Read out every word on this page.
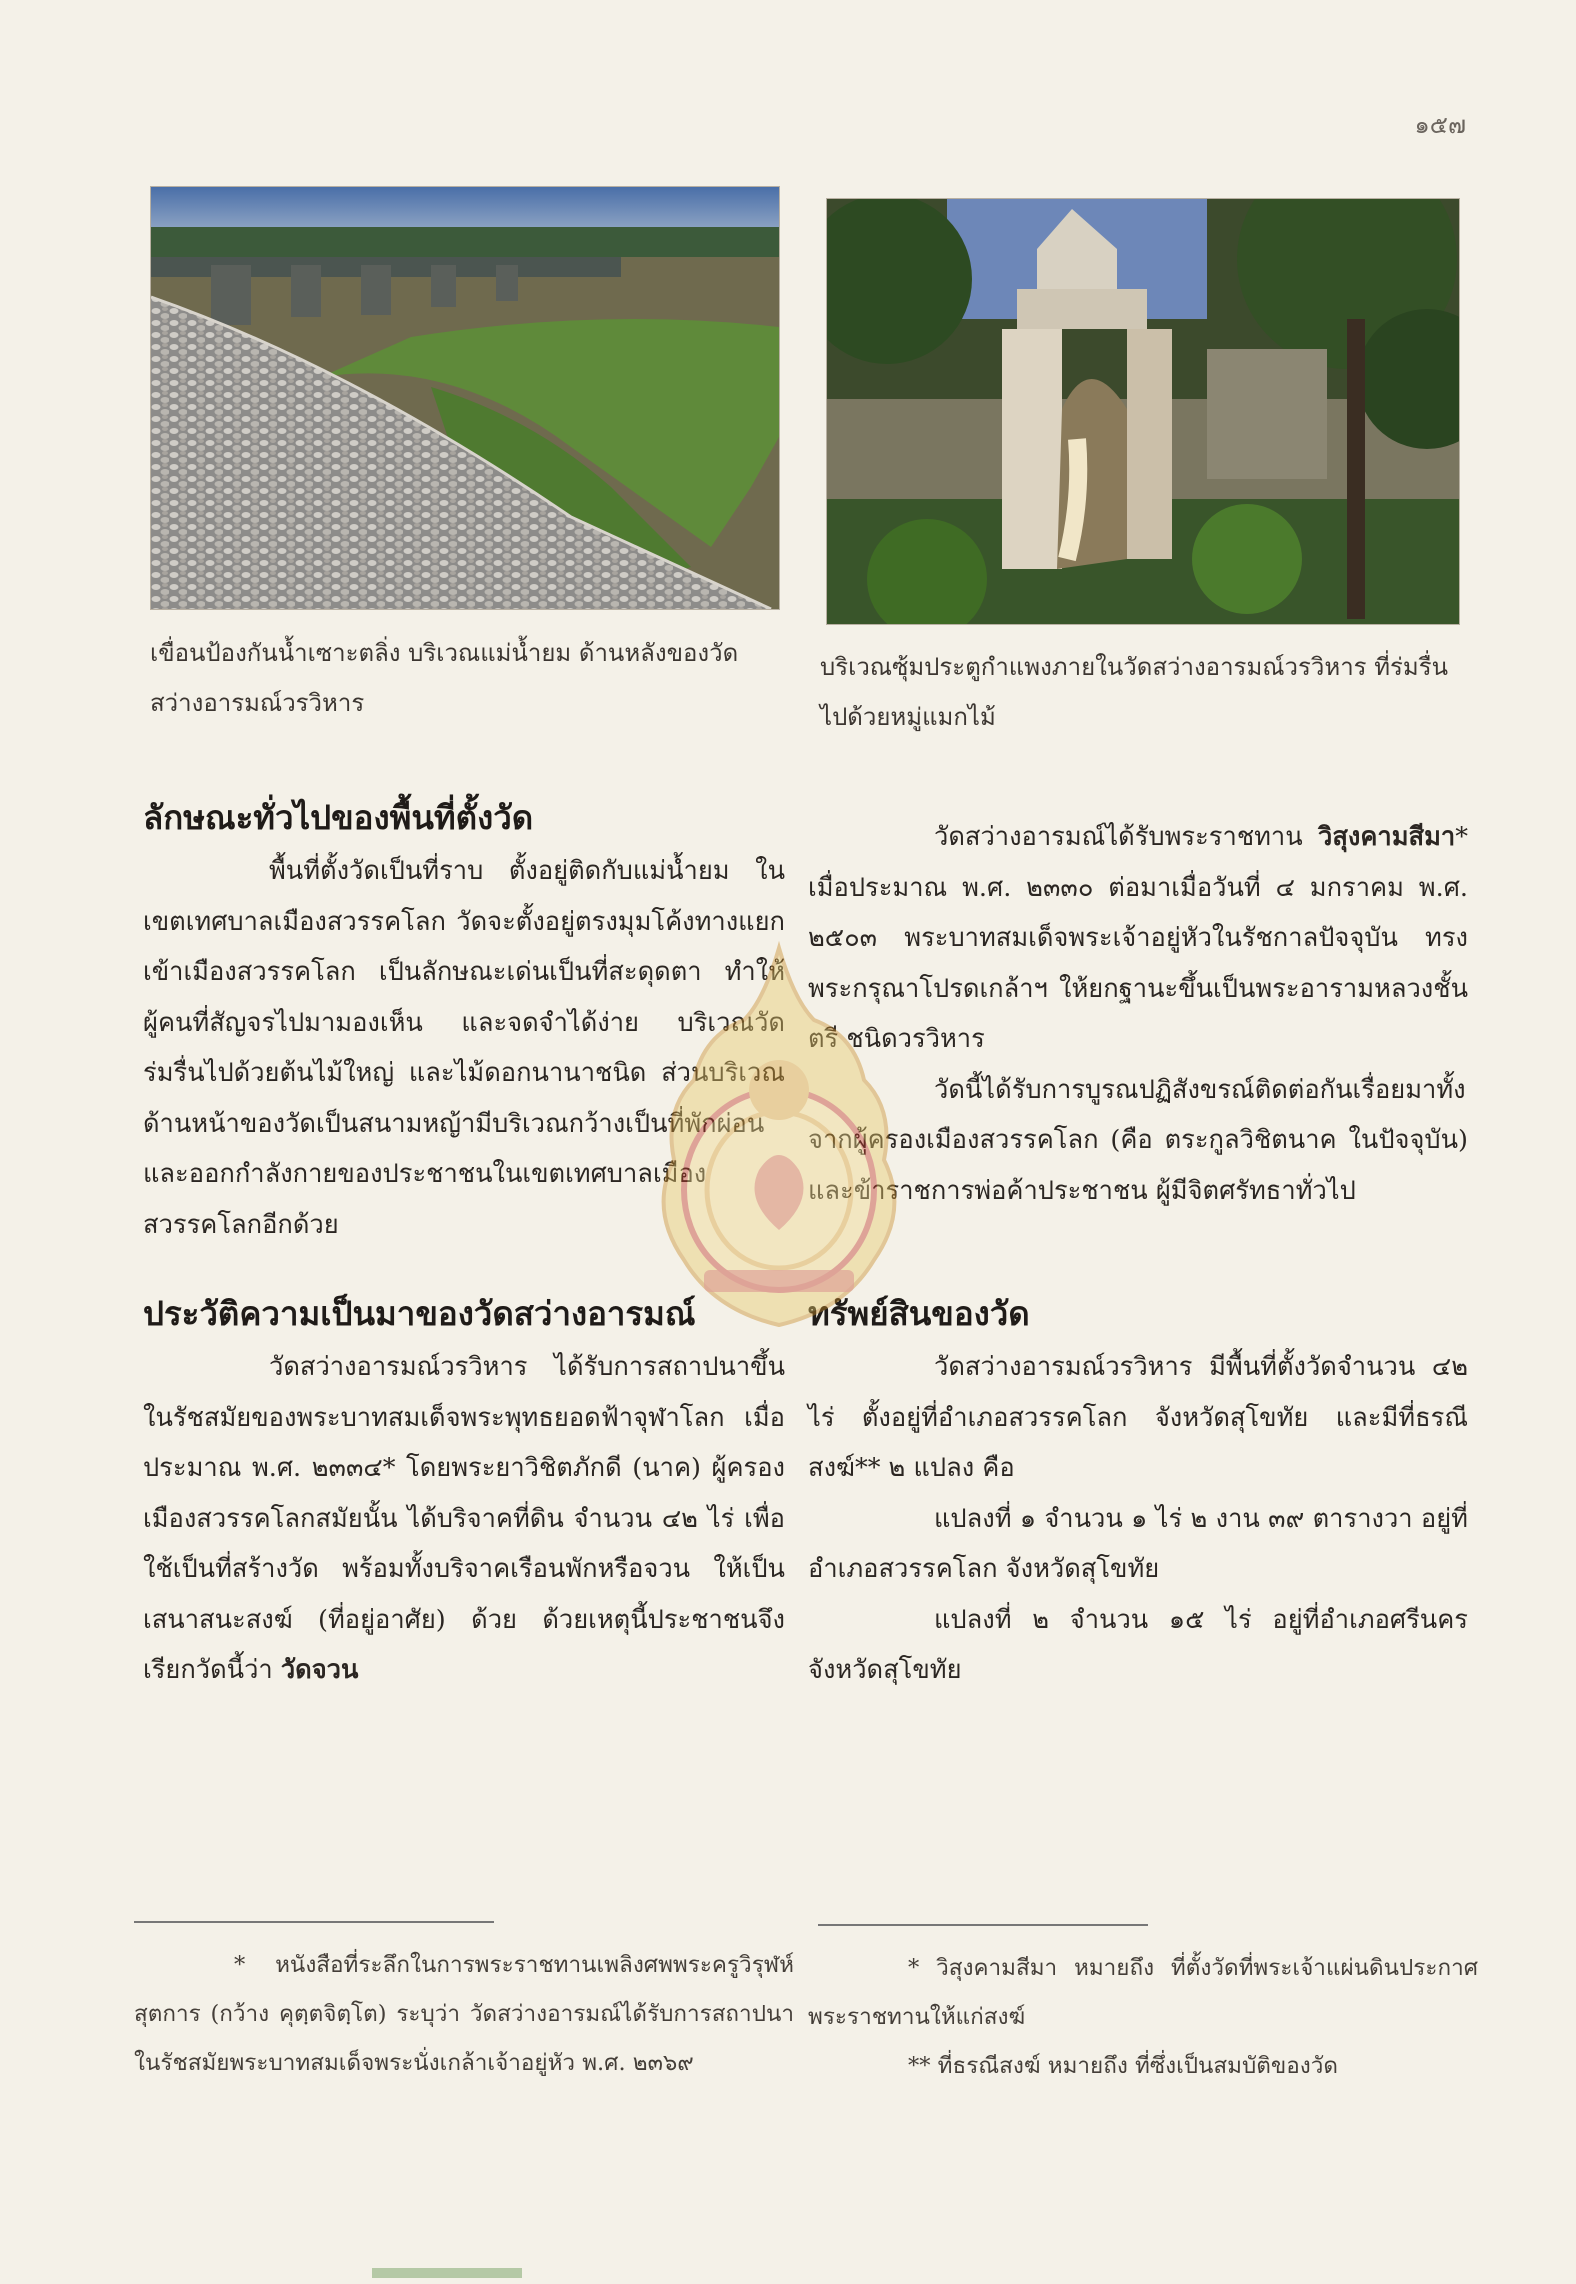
๑๕๗
เขื่อนป้องกันน้ำเซาะตลิ่ง บริเวณแม่น้ำยม ด้านหลังของวัดสว่างอารมณ์วรวิหาร
บริเวณซุ้มประตูกำแพงภายในวัดสว่างอารมณ์วรวิหาร ที่ร่มรื่นไปด้วยหมู่แมกไม้
ลักษณะทั่วไปของพื้นที่ตั้งวัด

พื้นที่ตั้งวัดเป็นที่ราบ ตั้งอยู่ติดกับแม่น้ำยม ในเขตเทศบาลเมืองสวรรคโลก วัดจะตั้งอยู่ตรงมุมโค้งทางแยกเข้าเมืองสวรรคโลก เป็นลักษณะเด่นเป็นที่สะดุดตา ทำให้ผู้คนที่สัญจรไปมามองเห็น และจดจำได้ง่าย บริเวณวัดร่มรื่นไปด้วยต้นไม้ใหญ่ และไม้ดอกนานาชนิด ส่วนบริเวณด้านหน้าของวัดเป็นสนามหญ้ามีบริเวณกว้างเป็นที่พักผ่อน และออกกำลังกายของประชาชนในเขตเทศบาลเมืองสวรรคโลกอีกด้วย

ประวัติความเป็นมาของวัดสว่างอารมณ์

วัดสว่างอารมณ์วรวิหาร ได้รับการสถาปนาขึ้นในรัชสมัยของพระบาทสมเด็จพระพุทธยอดฟ้าจุฬาโลก เมื่อประมาณ พ.ศ. ๒๓๓๔* โดยพระยาวิชิตภักดี (นาค) ผู้ครองเมืองสวรรคโลกสมัยนั้น ได้บริจาคที่ดิน จำนวน ๔๒ ไร่ เพื่อใช้เป็นที่สร้างวัด พร้อมทั้งบริจาคเรือนพักหรือจวน ให้เป็นเสนาสนะสงฆ์ (ที่อยู่อาศัย) ด้วย ด้วยเหตุนี้ประชาชนจึงเรียกวัดนี้ว่า วัดจวน

วัดสว่างอารมณ์ได้รับพระราชทาน วิสุงคามสีมา* เมื่อประมาณ พ.ศ. ๒๓๓๐ ต่อมาเมื่อวันที่ ๔ มกราคม พ.ศ. ๒๕๐๓ พระบาทสมเด็จพระเจ้าอยู่หัวในรัชกาลปัจจุบัน ทรงพระกรุณาโปรดเกล้าฯ ให้ยกฐานะขึ้นเป็นพระอารามหลวงชั้นตรี ชนิดวรวิหาร

วัดนี้ได้รับการบูรณปฏิสังขรณ์ติดต่อกันเรื่อยมาทั้งจากผู้ครองเมืองสวรรคโลก (คือ ตระกูลวิชิตนาค ในปัจจุบัน) และข้าราชการพ่อค้าประชาชน ผู้มีจิตศรัทธาทั่วไป

ทรัพย์สินของวัด

วัดสว่างอารมณ์วรวิหาร มีพื้นที่ตั้งวัดจำนวน ๔๒ ไร่ ตั้งอยู่ที่อำเภอสวรรคโลก จังหวัดสุโขทัย และมีที่ธรณีสงฆ์** ๒ แปลง คือ

แปลงที่ ๑ จำนวน ๑ ไร่ ๒ งาน ๓๙ ตารางวา อยู่ที่อำเภอสวรรคโลก จังหวัดสุโขทัย

แปลงที่ ๒ จำนวน ๑๕ ไร่ อยู่ที่อำเภอศรีนคร จังหวัดสุโขทัย

* หนังสือที่ระลึกในการพระราชทานเพลิงศพพระครูวิรุฬห์สุตการ (กว้าง คุตฺตจิตฺโต) ระบุว่า วัดสว่างอารมณ์ได้รับการสถาปนาในรัชสมัยพระบาทสมเด็จพระนั่งเกล้าเจ้าอยู่หัว พ.ศ. ๒๓๖๙

* วิสุงคามสีมา หมายถึง ที่ตั้งวัดที่พระเจ้าแผ่นดินประกาศพระราชทานให้แก่สงฆ์

** ที่ธรณีสงฆ์ หมายถึง ที่ซึ่งเป็นสมบัติของวัด
